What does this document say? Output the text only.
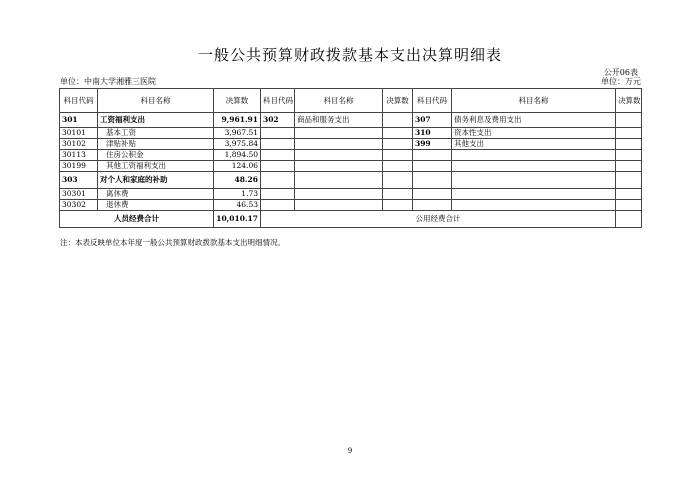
一般公共预算财政拨款基本支出决算明细表
公开06表
单位：中南大学湘雅三医院	单位：万元
科目代码	科目名称	决算数	科目代码	科目名称	决算数	科目代码	科目名称	决算数
301	工资福利支出	9,961.91	302	商品和服务支出		307	债务利息及费用支出	
30101	基本工资	3,967.51				310	资本性支出	
30102	津贴补贴	3,975.84				399	其他支出	
30113	住房公积金	1,894.50						
30199	其他工资福利支出	124.06						
303	对个人和家庭的补助	48.26						
30301	离休费	1.73						
30302	退休费	46.53						
人员经费合计		10,010.17	公用经费合计					
注：本表反映单位本年度一般公共预算财政拨款基本支出明细情况。
9
